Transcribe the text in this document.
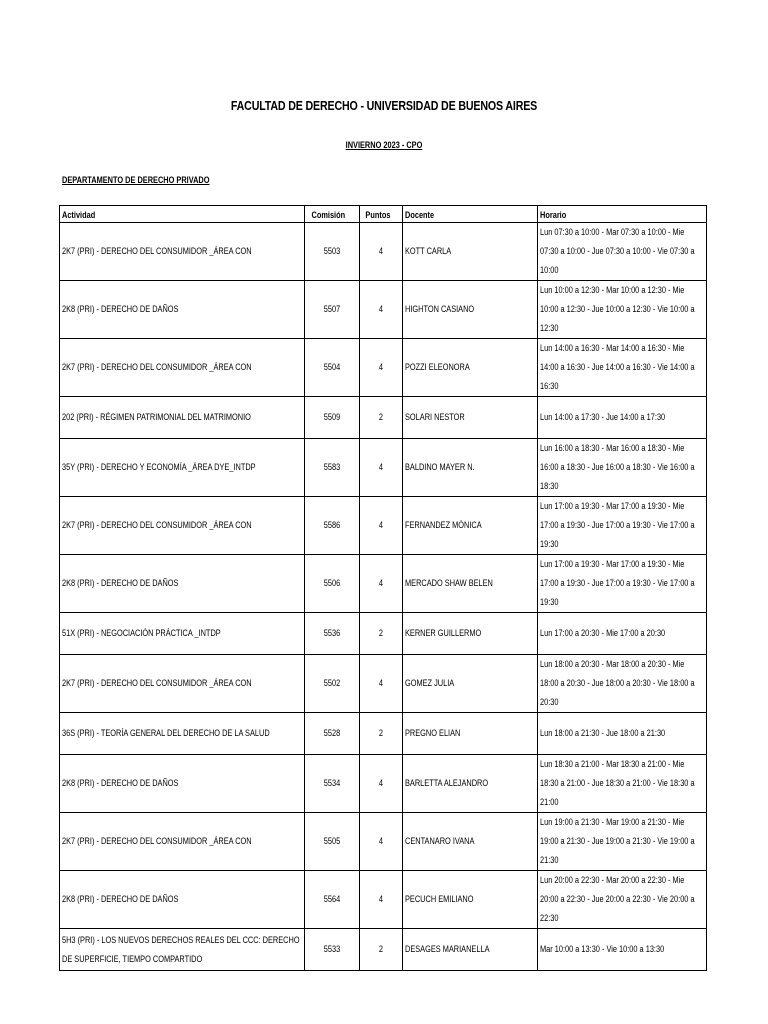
FACULTAD DE DERECHO - UNIVERSIDAD DE BUENOS AIRES
INVIERNO 2023 - CPO
DEPARTAMENTO DE DERECHO PRIVADO
Actividad	Comisión	Puntos	Docente	Horario

2K7 (PRI) - DERECHO DEL CONSUMIDOR _ÁREA CON	5503	4	KOTT CARLA	Lun 07:30 a 10:00 - Mar 07:30 a 10:00 - Mie 07:30 a 10:00 - Jue 07:30 a 10:00 - Vie 07:30 a 10:00

2K8 (PRI) - DERECHO DE DAÑOS	5507	4	HIGHTON CASIANO	Lun 10:00 a 12:30 - Mar 10:00 a 12:30 - Mie 10:00 a 12:30 - Jue 10:00 a 12:30 - Vie 10:00 a 12:30

2K7 (PRI) - DERECHO DEL CONSUMIDOR _ÁREA CON	5504	4	POZZI ELEONORA	Lun 14:00 a 16:30 - Mar 14:00 a 16:30 - Mie 14:00 a 16:30 - Jue 14:00 a 16:30 - Vie 14:00 a 16:30

202 (PRI) - RÉGIMEN PATRIMONIAL DEL MATRIMONIO	5509	2	SOLARI NESTOR	Lun 14:00 a 17:30 - Jue 14:00 a 17:30

35Y (PRI) - DERECHO Y ECONOMÍA _ÁREA DYE_INTDP	5583	4	BALDINO MAYER N.	Lun 16:00 a 18:30 - Mar 16:00 a 18:30 - Mie 16:00 a 18:30 - Jue 16:00 a 18:30 - Vie 16:00 a 18:30

2K7 (PRI) - DERECHO DEL CONSUMIDOR _ÁREA CON	5586	4	FERNANDEZ MÓNICA	Lun 17:00 a 19:30 - Mar 17:00 a 19:30 - Mie 17:00 a 19:30 - Jue 17:00 a 19:30 - Vie 17:00 a 19:30

2K8 (PRI) - DERECHO DE DAÑOS	5506	4	MERCADO SHAW BELEN	Lun 17:00 a 19:30 - Mar 17:00 a 19:30 - Mie 17:00 a 19:30 - Jue 17:00 a 19:30 - Vie 17:00 a 19:30

51X (PRI) - NEGOCIACIÓN PRÁCTICA _INTDP	5536	2	KERNER GUILLERMO	Lun 17:00 a 20:30 - Mie 17:00 a 20:30

2K7 (PRI) - DERECHO DEL CONSUMIDOR _ÁREA CON	5502	4	GOMEZ JULIA	Lun 18:00 a 20:30 - Mar 18:00 a 20:30 - Mie 18:00 a 20:30 - Jue 18:00 a 20:30 - Vie 18:00 a 20:30

36S (PRI) - TEORÍA GENERAL DEL DERECHO DE LA SALUD	5528	2	PREGNO ELIAN	Lun 18:00 a 21:30 - Jue 18:00 a 21:30

2K8 (PRI) - DERECHO DE DAÑOS	5534	4	BARLETTA ALEJANDRO	Lun 18:30 a 21:00 - Mar 18:30 a 21:00 - Mie 18:30 a 21:00 - Jue 18:30 a 21:00 - Vie 18:30 a 21:00

2K7 (PRI) - DERECHO DEL CONSUMIDOR _ÁREA CON	5505	4	CENTANARO IVANA	Lun 19:00 a 21:30 - Mar 19:00 a 21:30 - Mie 19:00 a 21:30 - Jue 19:00 a 21:30 - Vie 19:00 a 21:30

2K8 (PRI) - DERECHO DE DAÑOS	5564	4	PECUCH EMILIANO	Lun 20:00 a 22:30 - Mar 20:00 a 22:30 - Mie 20:00 a 22:30 - Jue 20:00 a 22:30 - Vie 20:00 a 22:30

5H3 (PRI) - LOS NUEVOS DERECHOS REALES DEL CCC: DERECHO DE SUPERFICIE, TIEMPO COMPARTIDO	5533	2	DESAGES MARIANELLA	Mar 10:00 a 13:30 - Vie 10:00 a 13:30
